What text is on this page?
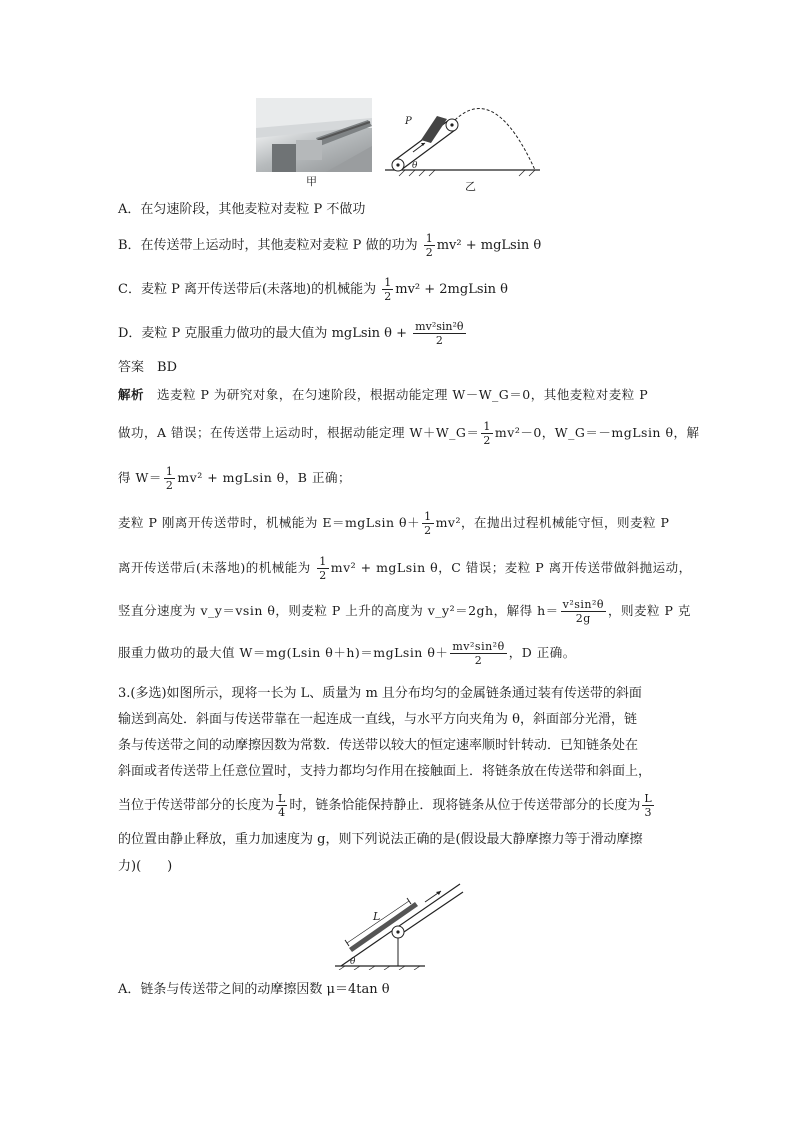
甲
P
θ
乙
A．在匀速阶段，其他麦粒对麦粒 P 不做功
B．在传送带上运动时，其他麦粒对麦粒 P 做的功为 $\frac{1}{2} mv^2 + mgLsin$ θ
C．麦粒 P 离开传送带后(未落地)的机械能为 $\frac{1}{2} mv^2 + 2mgLsin$ θ
D．麦粒 P 克服重力做功的最大值为 mgLsin $\theta + \frac{\text{mv²sin²θ}}{2}$
答案　 BD
解析　 选麦粒 P 为研究对象，在匀速阶段，根据动能定理 W－W_G＝0，其他麦粒对麦粒 P
做功，A 错误；在传送带上运动时，根据动能定理 W＋W_G＝ $\frac{1}{2} mv^2-0$，W_G＝－mgLsin θ，解
得 $W= \frac{1}{2} mv^2 + mgLsin$ θ，B 正确；
麦粒 P 刚离开传送带时，机械能为 E＝mgLsin $\theta+ \frac{1}{2} mv^2$，在抛出过程机械能守恒，则麦粒 P
离开传送带后(未落地)的机械能为 $\frac{1}{2} mv^2 + mgLsin$ θ，C 错误；麦粒 P 离开传送带做斜抛运动，
竖直分速度为 v_y＝vsin θ，则麦粒 P 上升的高度为 v_y²＝2gh，解得 $h= \frac{\text{v²sin²θ}}{2g}$ ，则麦粒 P 克
服重力做功的最大值 W＝mg(Lsin θ＋h)＝mgLsin $\theta+ \frac{\text{mv²sin²θ}}{2}$ ，D 正确。
3.(多选)如图所示，现将一长为 L、质量为 m 且分布均匀的金属链条通过装有传送带的斜面
输送到高处．斜面与传送带靠在一起连成一直线，与水平方向夹角为 θ，斜面部分光滑，链
条与传送带之间的动摩擦因数为常数．传送带以较大的恒定速率顺时针转动．已知链条处在
斜面或者传送带上任意位置时，支持力都均匀作用在接触面上．将链条放在传送带和斜面上，
当位于传送带部分的长度为 $\frac{L}{4}$ 时，链条恰能保持静止．现将链条从位于传送带部分的长度为 $\frac{L}{3}$
的位置由静止释放，重力加速度为 g，则下列说法正确的是(假设最大静摩擦力等于滑动摩擦
力)(　　)
L
θ
A．链条与传送带之间的动摩擦因数 μ＝4tan θ
